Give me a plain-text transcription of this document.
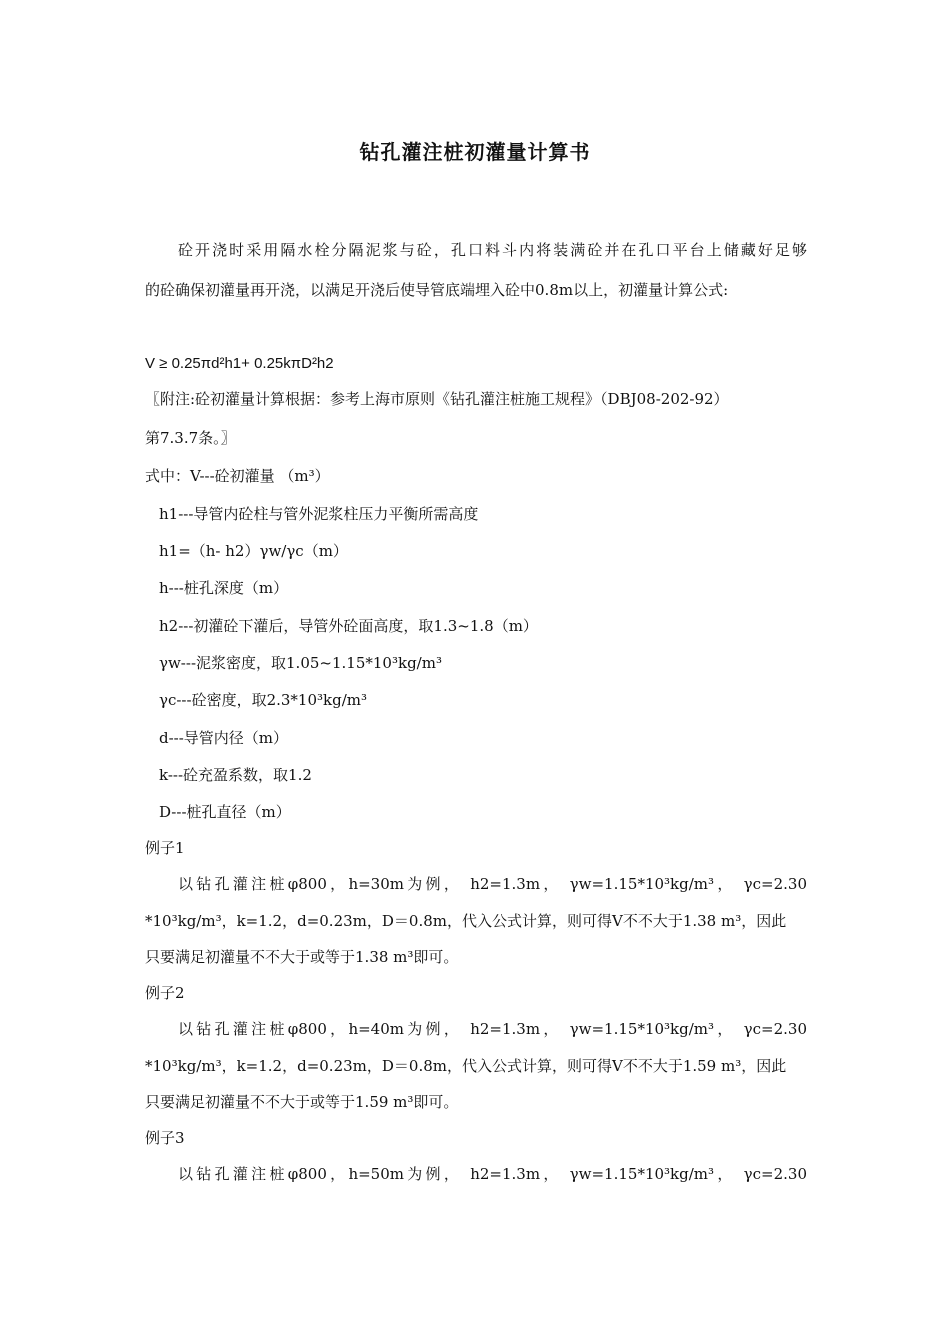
钻孔灌注桩初灌量计算书
砼开浇时采用隔水栓分隔泥浆与砼，孔口料斗内将装满砼并在孔口平台上储藏好足够
的砼确保初灌量再开浇，以满足开浇后使导管底端埋入砼中0.8m以上，初灌量计算公式:
V ≥ 0.25πd²h1+ 0.25kπD²h2
〖附注:砼初灌量计算根据：参考上海市原则《钻孔灌注桩施工规程》（DBJ08-202-92）
第7.3.7条。〗
式中：V---砼初灌量 （m³）
h1---导管内砼柱与管外泥浆柱压力平衡所需高度
h1=（h- h2）γw/γc（m）
h---桩孔深度（m）
h2---初灌砼下灌后，导管外砼面高度，取1.3~1.8（m）
γw---泥浆密度，取1.05~1.15*10³kg/m³
γc---砼密度，取2.3*10³kg/m³
d---导管内径（m）
k---砼充盈系数，取1.2
D---桩孔直径（m）
例子1
以钻孔灌注桩φ800，h=30m为例， h2=1.3m， γw=1.15*10³kg/m³， γc=2.30
*10³kg/m³，k=1.2，d=0.23m，D＝0.8m，代入公式计算，则可得V不不大于1.38 m³，因此
只要满足初灌量不不大于或等于1.38 m³即可。
例子2
以钻孔灌注桩φ800，h=40m为例， h2=1.3m， γw=1.15*10³kg/m³， γc=2.30
*10³kg/m³，k=1.2，d=0.23m，D＝0.8m，代入公式计算，则可得V不不大于1.59 m³，因此
只要满足初灌量不不大于或等于1.59 m³即可。
例子3
以钻孔灌注桩φ800，h=50m为例， h2=1.3m， γw=1.15*10³kg/m³， γc=2.30
